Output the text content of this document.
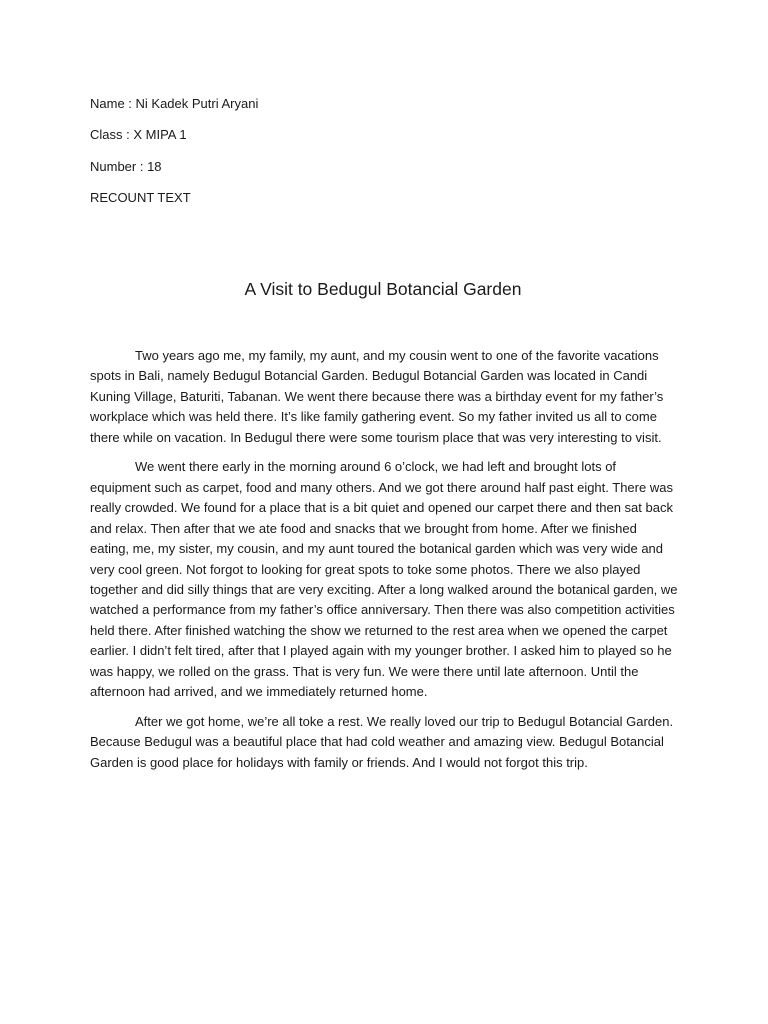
Name : Ni Kadek Putri Aryani

Class : X MIPA 1

Number : 18

RECOUNT TEXT

A Visit to Bedugul Botancial Garden

Two years ago me, my family, my aunt, and my cousin went to one of the favorite vacations spots in Bali, namely Bedugul Botancial Garden. Bedugul Botancial Garden was located in Candi Kuning Village, Baturiti, Tabanan. We went there because there was a birthday event for my father’s workplace which was held there. It’s like family gathering event. So my father invited us all to come there while on vacation. In Bedugul there were some tourism place that was very interesting to visit.

We went there early in the morning around 6 o’clock, we had left and brought lots of equipment such as carpet, food and many others. And we got there around half past eight. There was really crowded. We found for a place that is a bit quiet and opened our carpet there and then sat back and relax. Then after that we ate food and snacks that we brought from home. After we finished eating, me, my sister, my cousin, and my aunt toured the botanical garden which was very wide and very cool green. Not forgot to looking for great spots to toke some photos. There we also played together and did silly things that are very exciting. After a long walked around the botanical garden, we watched a performance from my father’s office anniversary. Then there was also competition activities held there. After finished watching the show we returned to the rest area when we opened the carpet earlier. I didn’t felt tired, after that I played again with my younger brother. I asked him to played so he was happy, we rolled on the grass. That is very fun. We were there until late afternoon. Until the afternoon had arrived, and we immediately returned home.

After we got home, we’re all toke a rest. We really loved our trip to Bedugul Botancial Garden. Because Bedugul was a beautiful place that had cold weather and amazing view. Bedugul Botancial Garden is good place for holidays with family or friends. And I would not forgot this trip.
